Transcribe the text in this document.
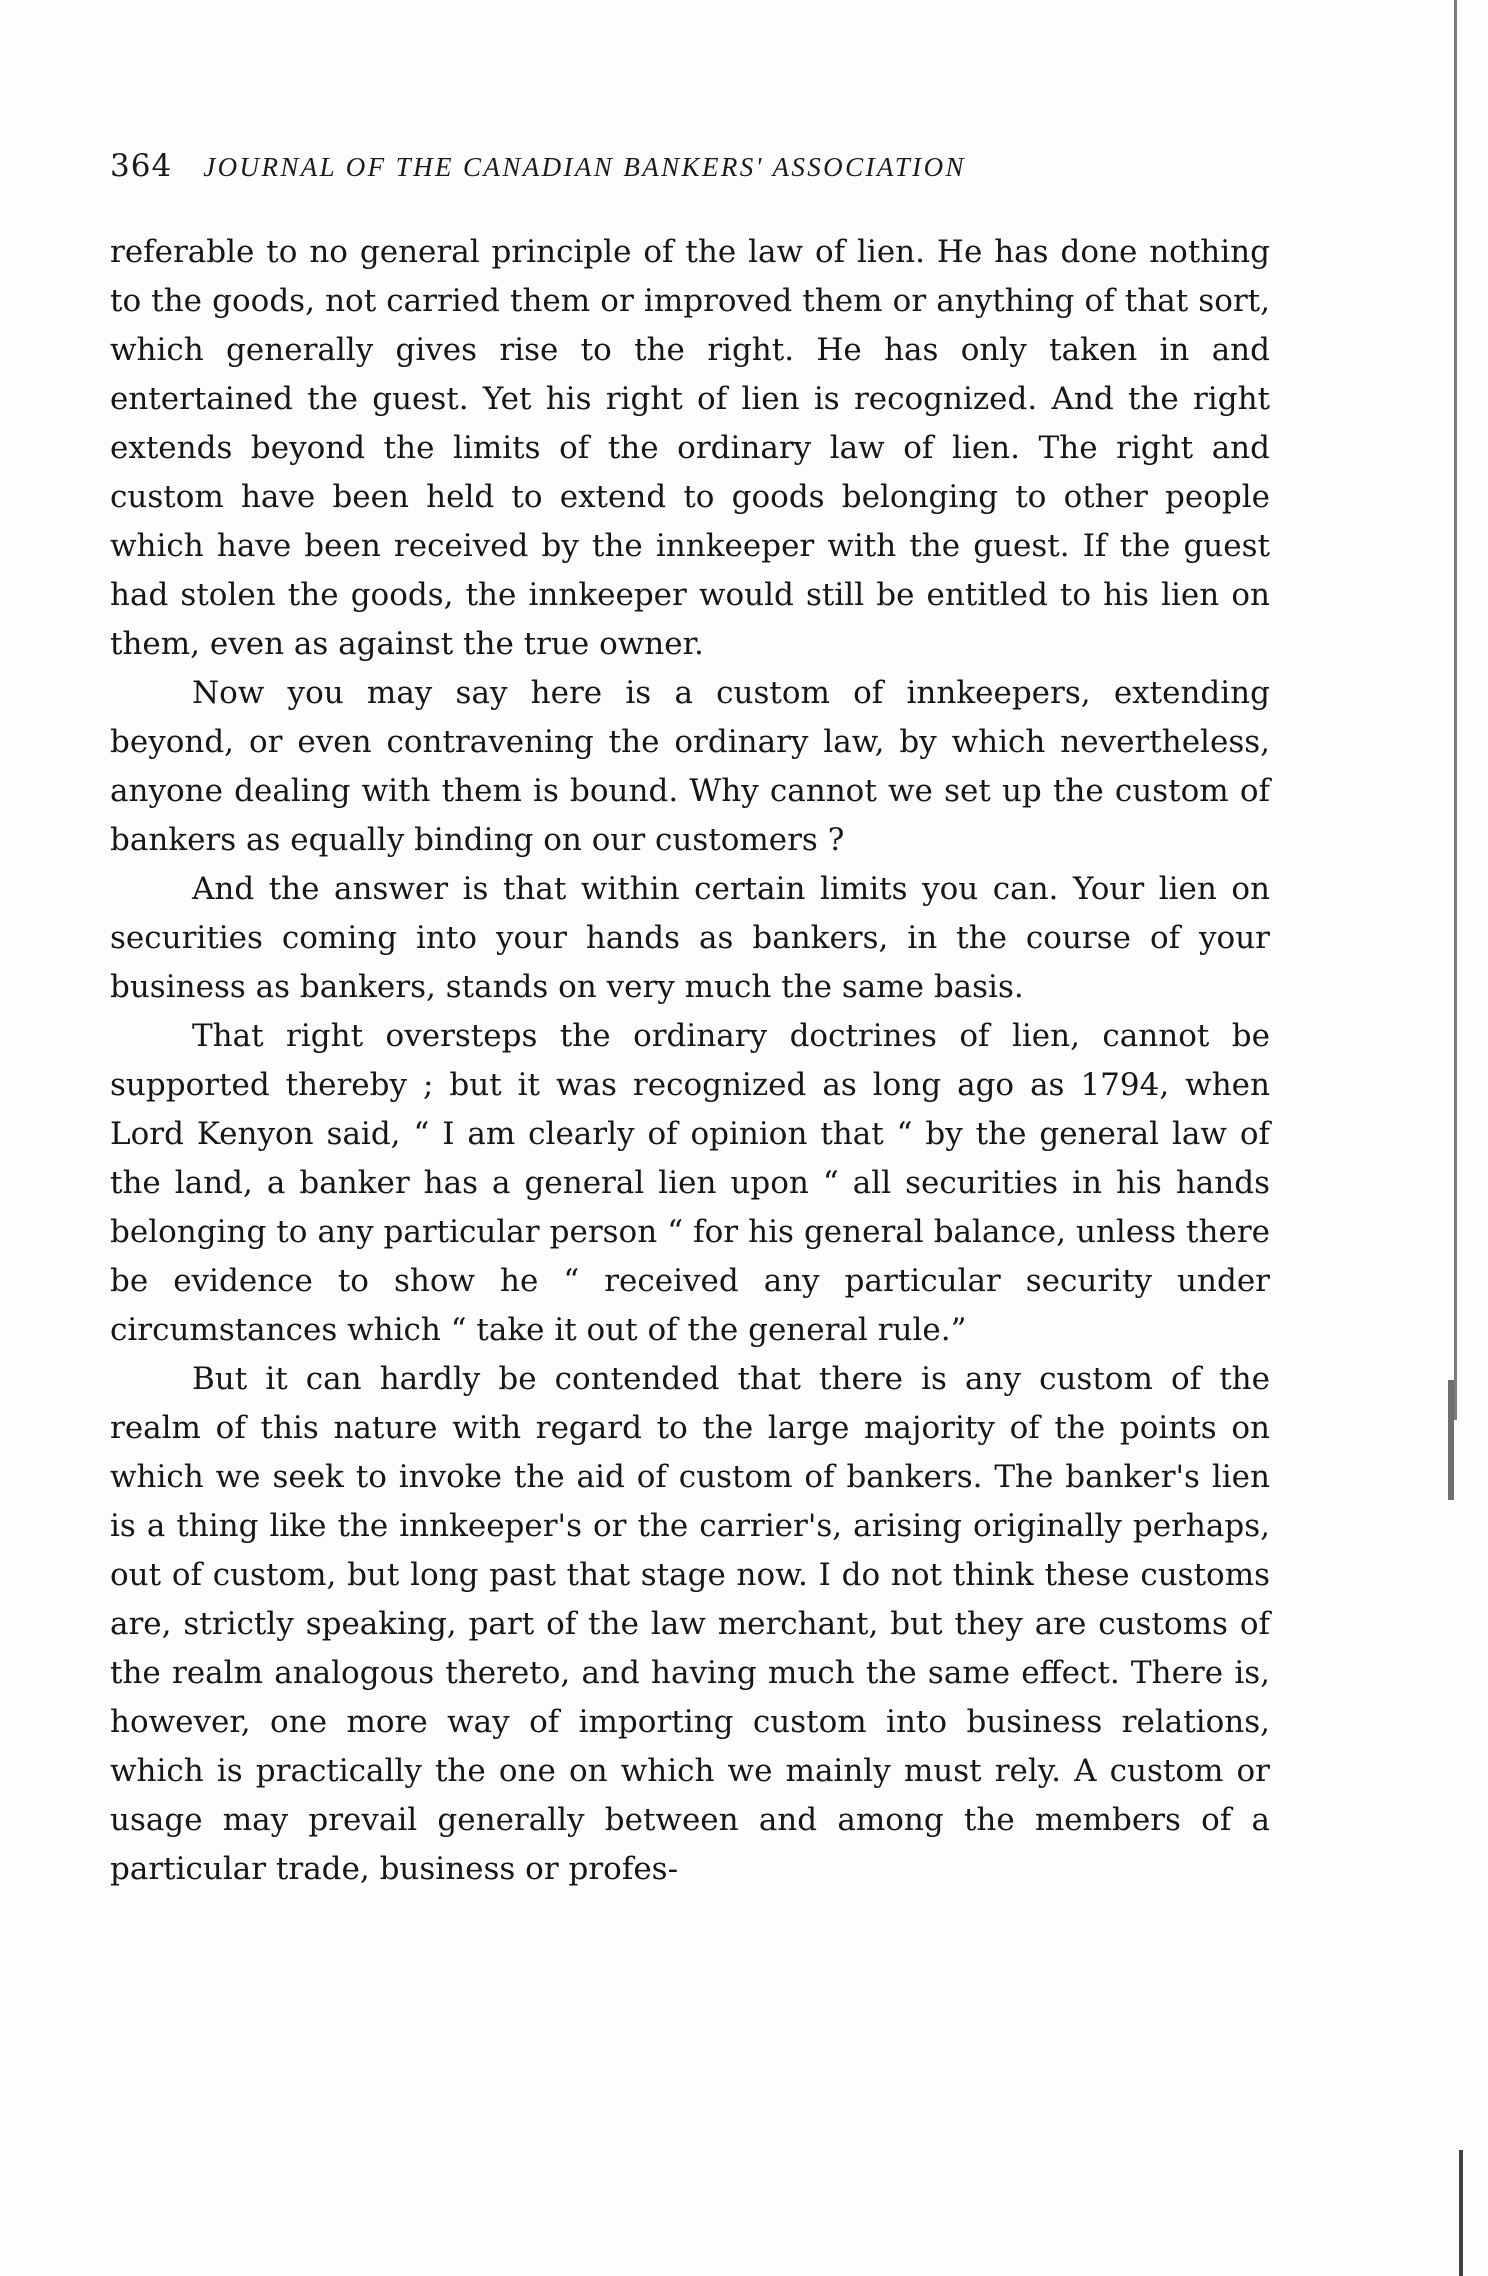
364 JOURNAL OF THE CANADIAN BANKERS' ASSOCIATION

referable to no general principle of the law of lien. He has done nothing to the goods, not carried them or improved them or anything of that sort, which generally gives rise to the right. He has only taken in and entertained the guest. Yet his right of lien is recognized. And the right extends beyond the limits of the ordinary law of lien. The right and custom have been held to extend to goods belonging to other people which have been received by the innkeeper with the guest. If the guest had stolen the goods, the innkeeper would still be entitled to his lien on them, even as against the true owner.

Now you may say here is a custom of innkeepers, extending beyond, or even contravening the ordinary law, by which nevertheless, anyone dealing with them is bound. Why cannot we set up the custom of bankers as equally binding on our customers ?

And the answer is that within certain limits you can. Your lien on securities coming into your hands as bankers, in the course of your business as bankers, stands on very much the same basis.

That right oversteps the ordinary doctrines of lien, cannot be supported thereby ; but it was recognized as long ago as 1794, when Lord Kenyon said, “ I am clearly of opinion that “ by the general law of the land, a banker has a general lien upon “ all securities in his hands belonging to any particular person “ for his general balance, unless there be evidence to show he “ received any particular security under circumstances which “ take it out of the general rule.”

But it can hardly be contended that there is any custom of the realm of this nature with regard to the large majority of the points on which we seek to invoke the aid of custom of bankers. The banker's lien is a thing like the innkeeper's or the carrier's, arising originally perhaps, out of custom, but long past that stage now. I do not think these customs are, strictly speaking, part of the law merchant, but they are customs of the realm analogous thereto, and having much the same effect. There is, however, one more way of importing custom into business relations, which is practically the one on which we mainly must rely. A custom or usage may prevail generally between and among the members of a particular trade, business or profes-
